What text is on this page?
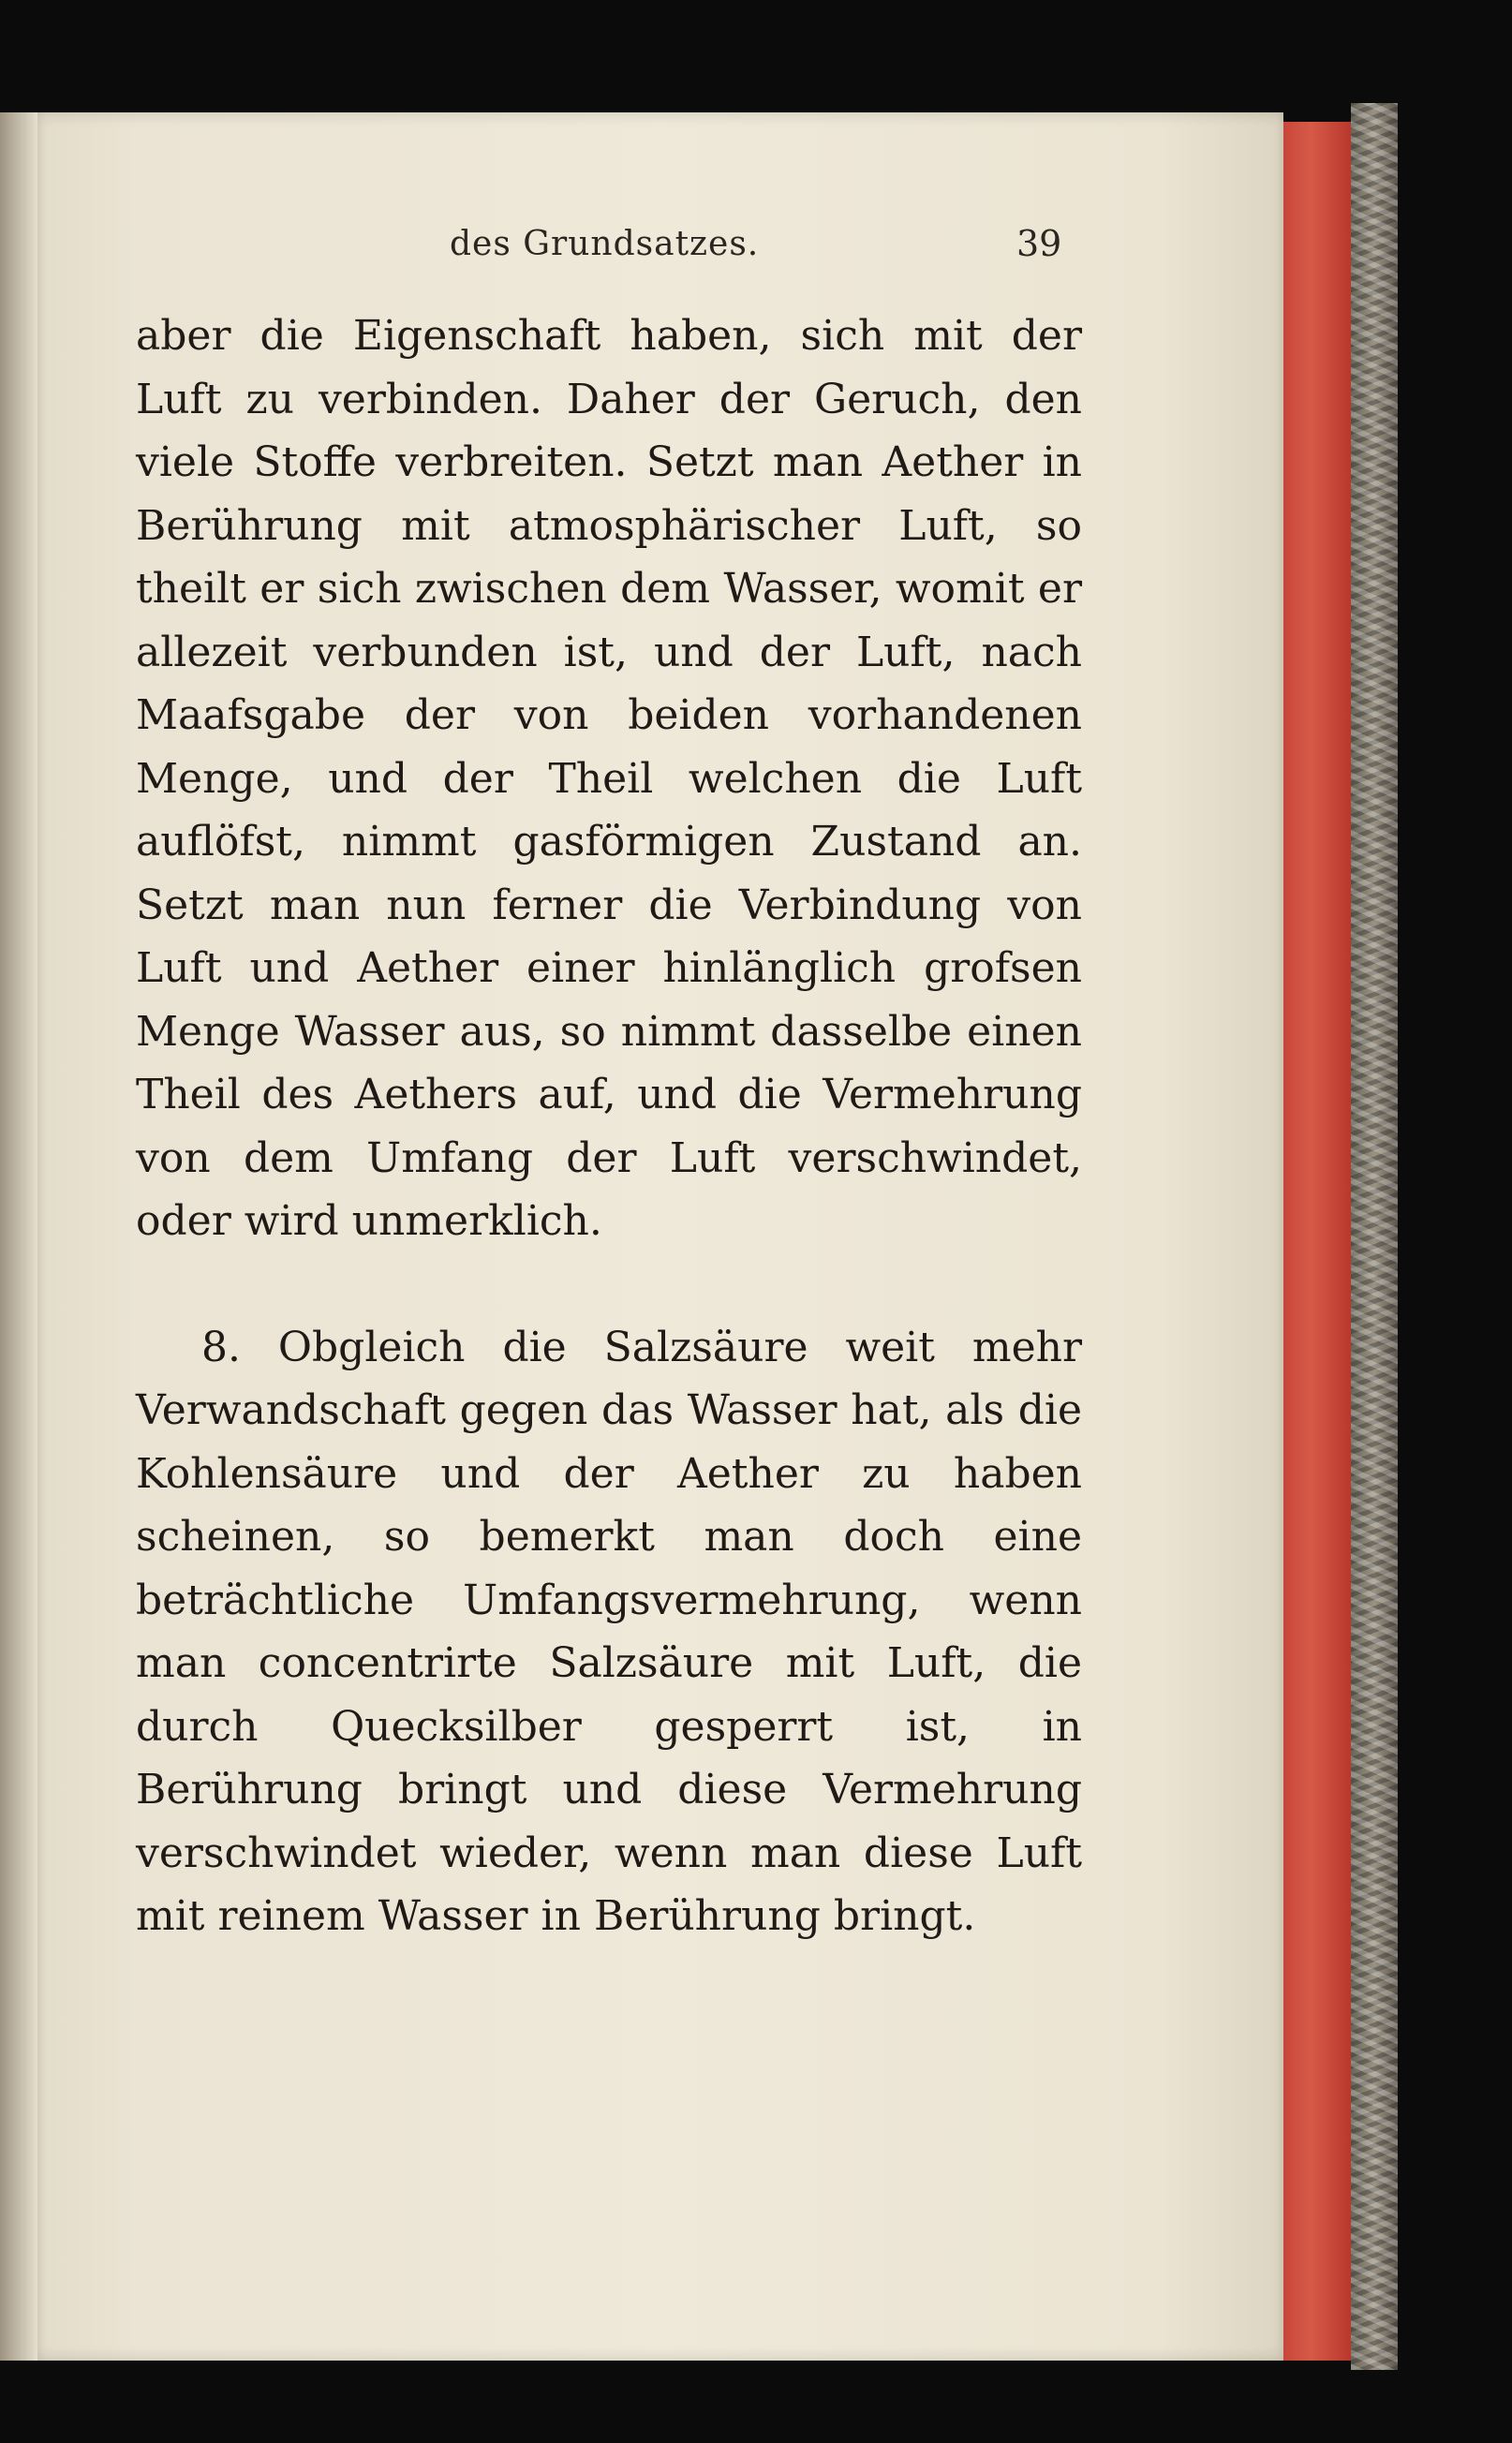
des Grundsatzes.	39

aber die Eigenschaft haben, sich mit der Luft zu verbinden. Daher der Geruch, den viele Stoffe verbreiten. Setzt man Aether in Berührung mit atmosphärischer Luft, so theilt er sich zwischen dem Wasser, womit er allezeit verbunden ist, und der Luft, nach Maafsgabe der von beiden vorhandenen Menge, und der Theil welchen die Luft auflöfst, nimmt gasförmigen Zustand an. Setzt man nun ferner die Verbindung von Luft und Aether einer hinlänglich grofsen Menge Wasser aus, so nimmt dasselbe einen Theil des Aethers auf, und die Vermehrung von dem Umfang der Luft verschwindet, oder wird unmerklich.

8. Obgleich die Salzsäure weit mehr Verwandschaft gegen das Wasser hat, als die Kohlensäure und der Aether zu haben scheinen, so bemerkt man doch eine beträchtliche Umfangsvermehrung, wenn man concentrirte Salzsäure mit Luft, die durch Quecksilber gesperrt ist, in Berührung bringt und diese Vermehrung verschwindet wieder, wenn man diese Luft mit reinem Wasser in Berührung bringt.
